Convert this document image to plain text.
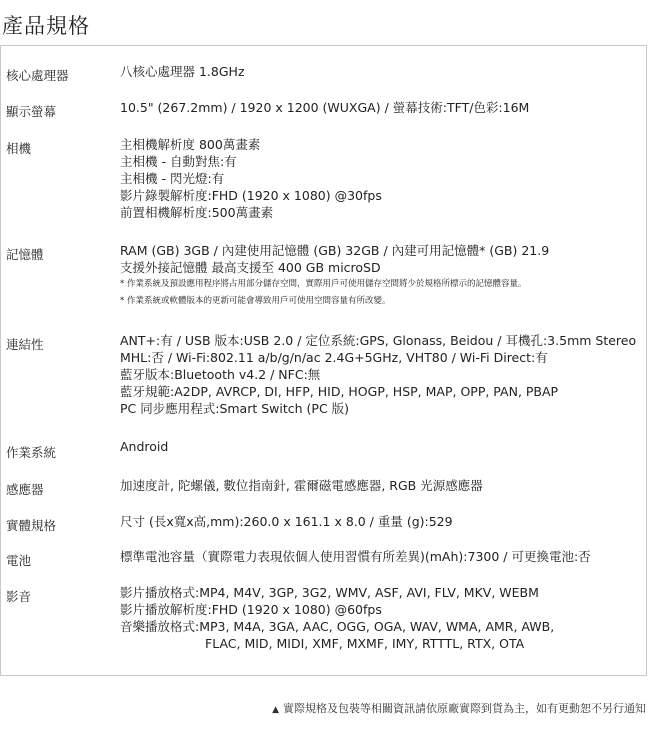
產品規格
核心處理器	八核心處理器 1.8GHz
顯示螢幕	10.5" (267.2mm) / 1920 x 1200 (WUXGA) / 螢幕技術:TFT/色彩:16M
相機	主相機解析度 800萬畫素
主相機 - 自動對焦:有
主相機 - 閃光燈:有
影片錄製解析度:FHD (1920 x 1080) @30fps
前置相機解析度:500萬畫素
記憶體	RAM (GB) 3GB / 內建使用記憶體 (GB) 32GB / 內建可用記憶體* (GB) 21.9
支援外接記憶體 最高支援至 400 GB microSD
* 作業系統及預設應用程序將占用部分儲存空間，實際用戶可使用儲存空間將少於規格所標示的記憶體容量。
* 作業系統或軟體版本的更新可能會導致用戶可使用空間容量有所改變。
連結性	ANT+:有 / USB 版本:USB 2.0 / 定位系統:GPS, Glonass, Beidou / 耳機孔:3.5mm Stereo
MHL:否 / Wi-Fi:802.11 a/b/g/n/ac 2.4G+5GHz, VHT80 / Wi-Fi Direct:有
藍牙版本:Bluetooth v4.2 / NFC:無
藍牙規範:A2DP, AVRCP, DI, HFP, HID, HOGP, HSP, MAP, OPP, PAN, PBAP
PC 同步應用程式:Smart Switch (PC 版)
作業系統	Android
感應器	加速度計, 陀螺儀, 數位指南針, 霍爾磁電感應器, RGB 光源感應器
實體規格	尺寸 (長x寬x高,mm):260.0 x 161.1 x 8.0 / 重量 (g):529
電池	標準電池容量（實際電力表現依個人使用習慣有所差異)(mAh):7300 / 可更換電池:否
影音	影片播放格式:MP4, M4V, 3GP, 3G2, WMV, ASF, AVI, FLV, MKV, WEBM
影片播放解析度:FHD (1920 x 1080) @60fps
音樂播放格式:MP3, M4A, 3GA, AAC, OGG, OGA, WAV, WMA, AMR, AWB,
FLAC, MID, MIDI, XMF, MXMF, IMY, RTTTL, RTX, OTA
▲ 實際規格及包裝等相關資訊請依原廠實際到貨為主，如有更動恕不另行通知
